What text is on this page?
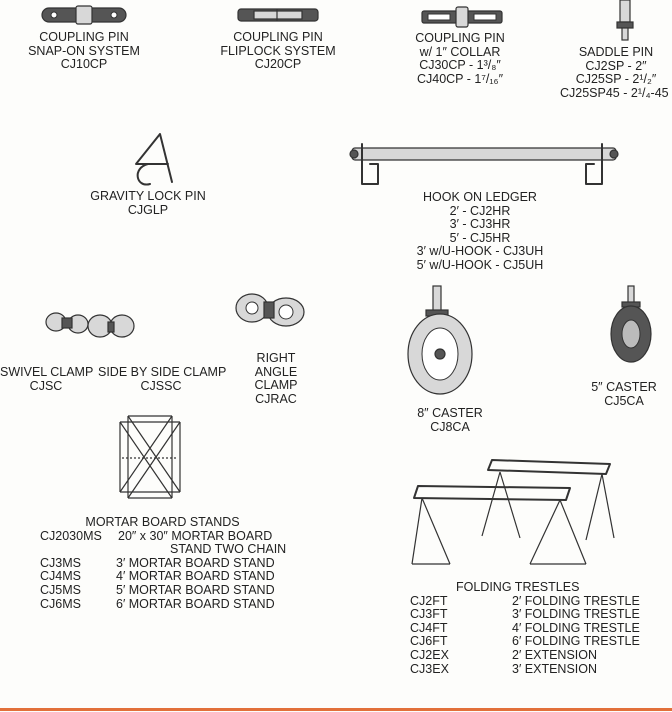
COUPLING PIN
SNAP-ON SYSTEM
CJ10CP
COUPLING PIN
FLIPLOCK SYSTEM
CJ20CP
COUPLING PIN
w/ 1″ COLLAR
CJ30CP - 1³/₈″
CJ40CP - 1⁷/₁₆″
SADDLE PIN
CJ2SP - 2″
CJ25SP - 2¹/₂″
CJ25SP45 - 2¹/₄-45
GRAVITY LOCK PIN
CJGLP
HOOK ON LEDGER
2′ - CJ2HR
3′ - CJ3HR
5′ - CJ5HR
3′ w/U-HOOK - CJ3UH
5′ w/U-HOOK - CJ5UH
SWIVEL CLAMP
CJSC
SIDE BY SIDE CLAMP
CJSSC
RIGHT
ANGLE
CLAMP
CJRAC
8″ CASTER
CJ8CA
5″ CASTER
CJ5CA
MORTAR BOARD STANDS
CJ2030MS	20″ x 30″ MORTAR BOARD
STAND TWO CHAIN
CJ3MS	3′ MORTAR BOARD STAND
CJ4MS	4′ MORTAR BOARD STAND
CJ5MS	5′ MORTAR BOARD STAND
CJ6MS	6′ MORTAR BOARD STAND
FOLDING TRESTLES
CJ2FT	2′ FOLDING TRESTLE
CJ3FT	3′ FOLDING TRESTLE
CJ4FT	4′ FOLDING TRESTLE
CJ6FT	6′ FOLDING TRESTLE
CJ2EX	2′ EXTENSION
CJ3EX	3′ EXTENSION
